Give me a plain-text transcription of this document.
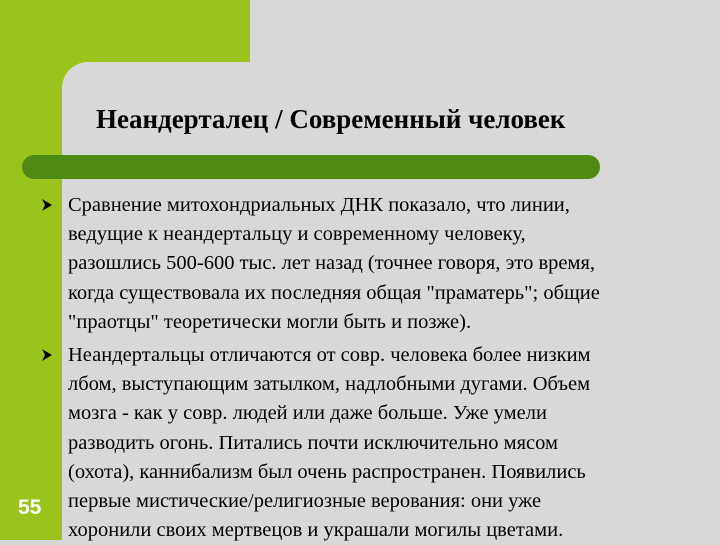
Неандерталец / Современный человек

Сравнение митохондриальных ДНК показало, что линии,
ведущие к неандертальцу и современному человеку,
разошлись 500-600 тыс. лет назад (точнее говоря, это время,
когда существовала их последняя общая "праматерь"; общие
"праотцы" теоретически могли быть и позже).

Неандертальцы отличаются от совр. человека более низким
лбом, выступающим затылком, надлобными дугами. Объем
мозга - как у совр. людей или даже больше. Уже умели
разводить огонь. Питались почти исключительно мясом
(охота), каннибализм был очень распространен. Появились
первые мистические/религиозные верования: они уже
хоронили своих мертвецов и украшали могилы цветами.

55
